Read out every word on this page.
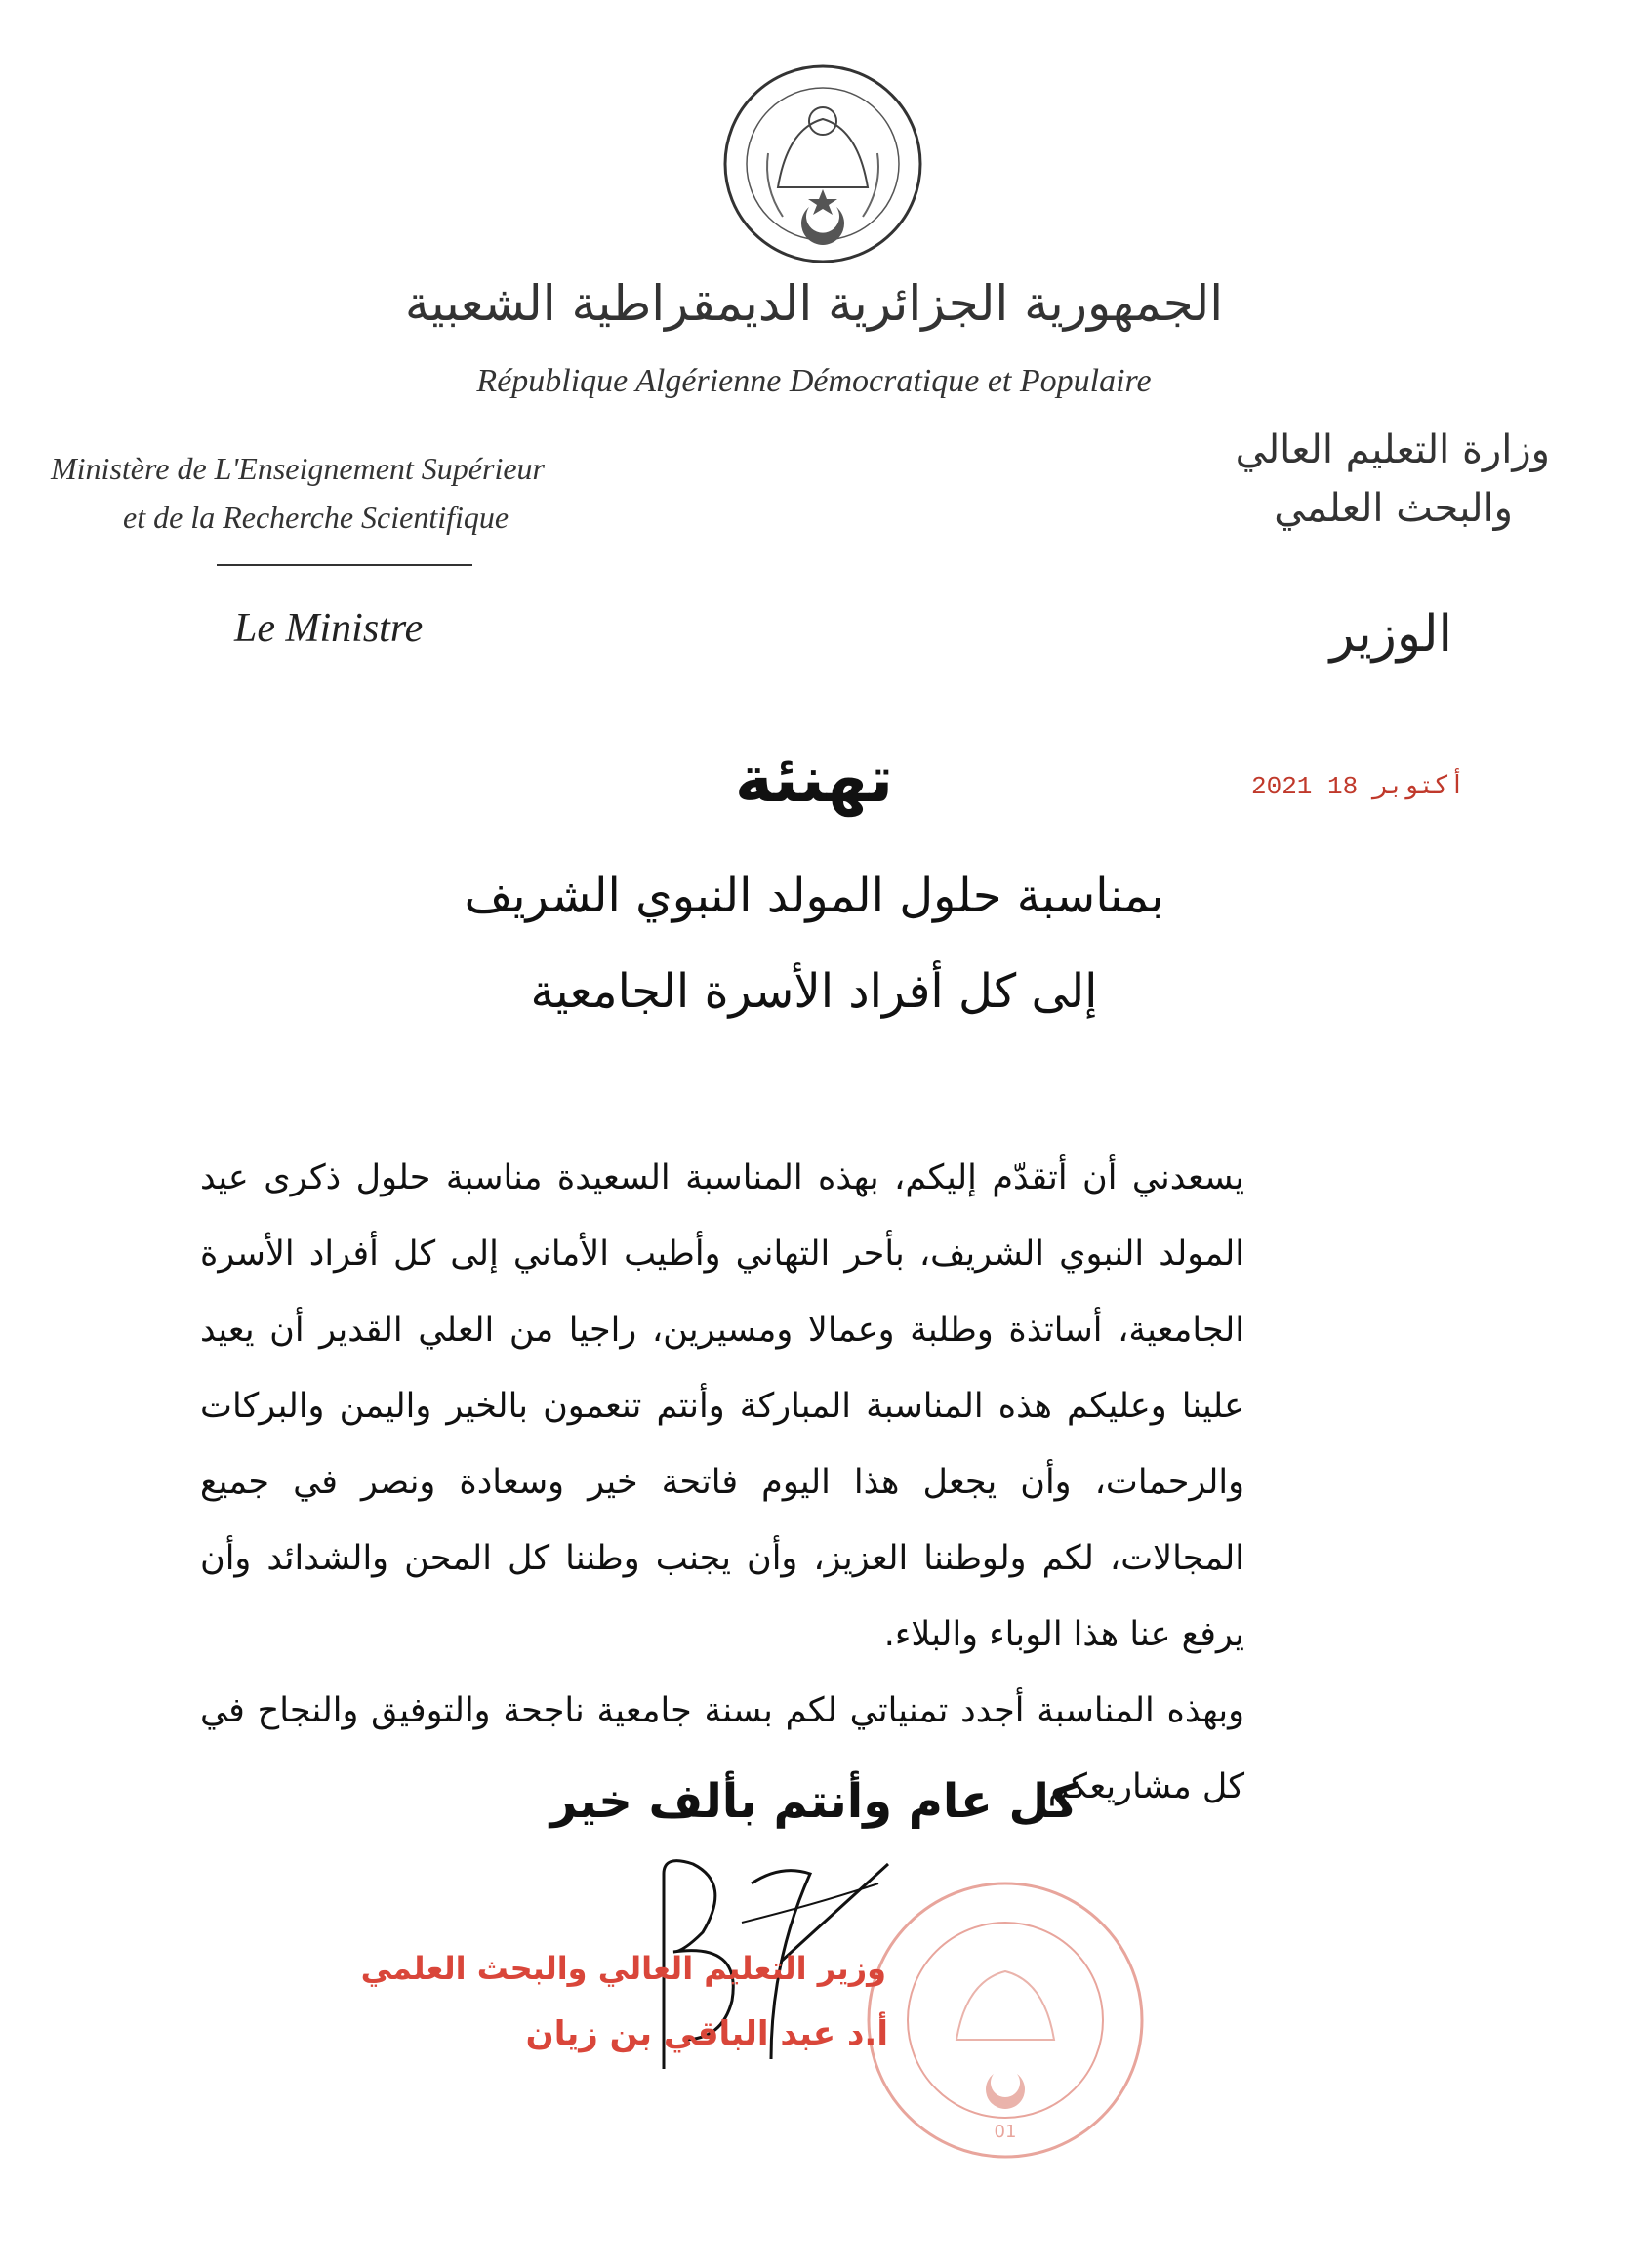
الجمهورية الجزائرية الديمقراطية الشعبية
République Algérienne Démocratique et Populaire
Ministère de L'Enseignement Supérieur
et de la Recherche Scientifique
Le Ministre
وزارة التعليم العالي
والبحث العلمي
الوزير
2021 أكتوبر 18
تهنئة
بمناسبة حلول المولد النبوي الشريف
إلى كل أفراد الأسرة الجامعية

يسعدني أن أتقدّم إليكم، بهذه المناسبة السعيدة مناسبة حلول ذكرى عيد المولد النبوي الشريف، بأحر التهاني وأطيب الأماني إلى كل أفراد الأسرة الجامعية، أساتذة وطلبة وعمالا ومسيرين، راجيا من العلي القدير أن يعيد علينا وعليكم هذه المناسبة المباركة وأنتم تنعمون بالخير واليمن والبركات والرحمات، وأن يجعل هذا اليوم فاتحة خير وسعادة ونصر في جميع المجالات، لكم ولوطننا العزيز، وأن يجنب وطننا كل المحن والشدائد وأن يرفع عنا هذا الوباء والبلاء.

وبهذه المناسبة أجدد تمنياتي لكم بسنة جامعية ناجحة والتوفيق والنجاح في كل مشاريعكم.

كل عام وأنتم بألف خير
01
وزير التعليم العالي والبحث العلمي
أ.د عبد الباقي بن زيان
